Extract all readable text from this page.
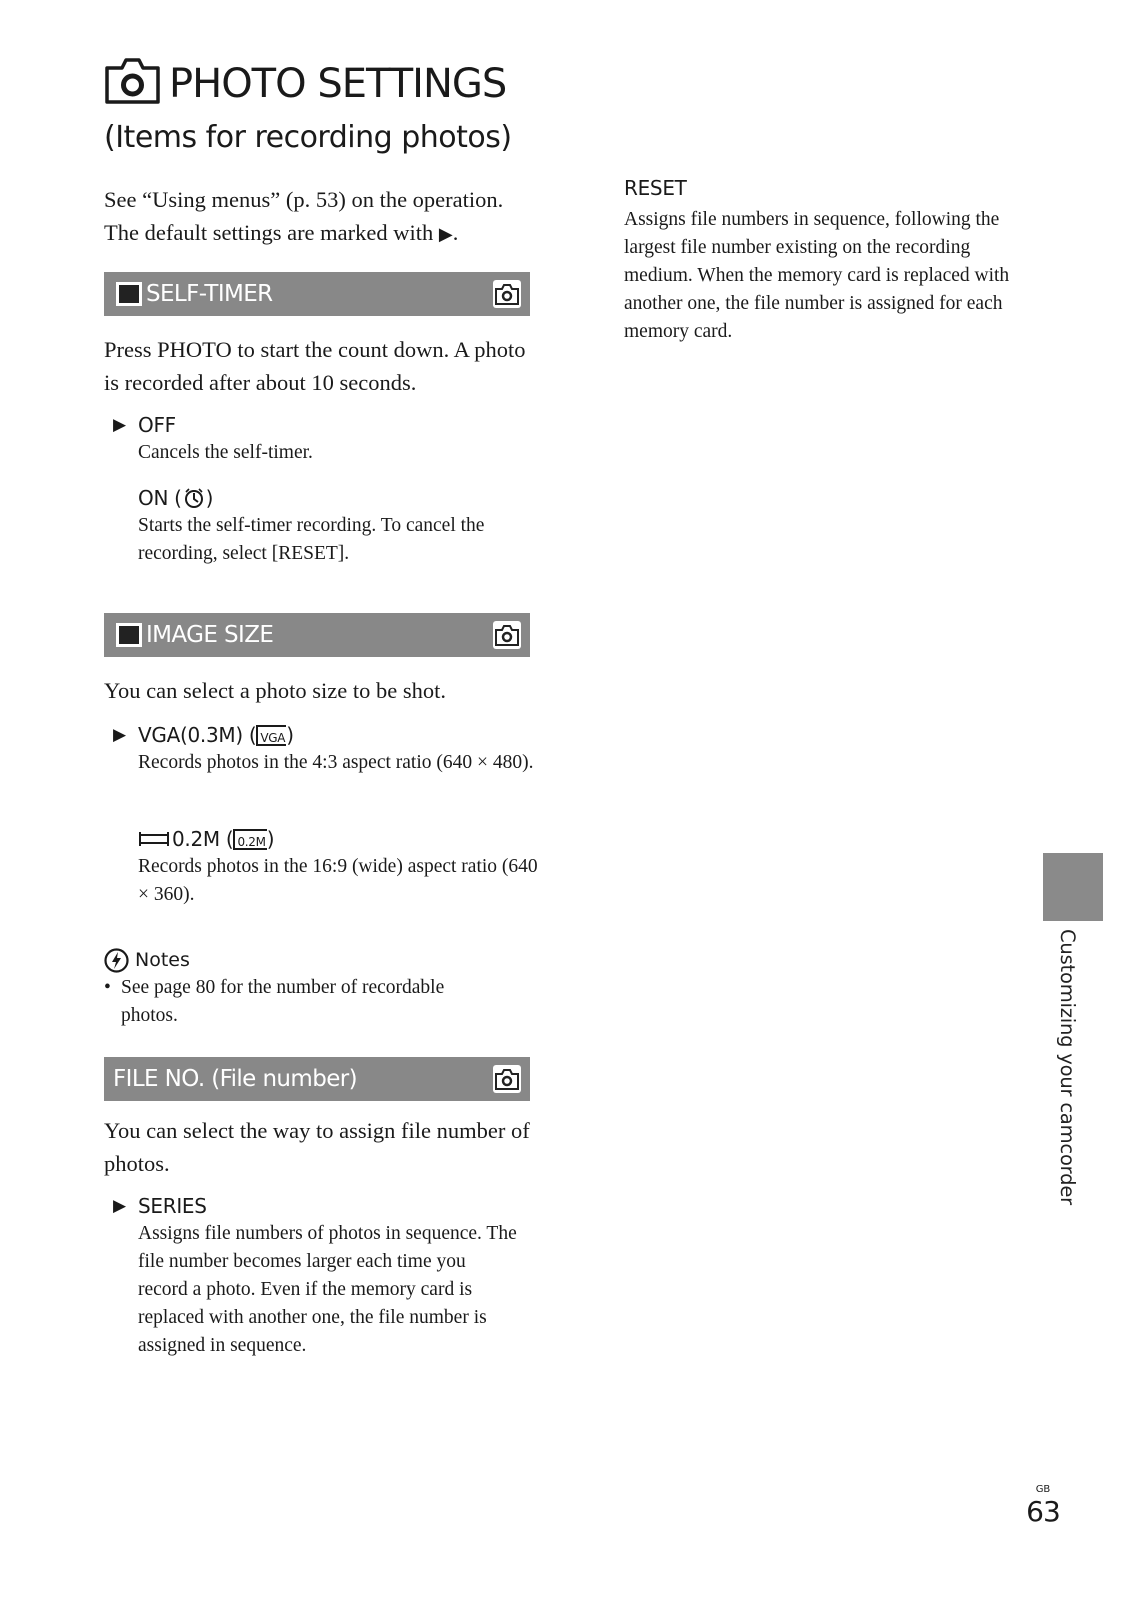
PHOTO SETTINGS
(Items for recording photos)
See “Using menus” (p. 53) on the operation.
The default settings are marked with ▶.
SELF-TIMER
Press PHOTO to start the count down. A photo is recorded after about 10 seconds.
▶ OFF
Cancels the self-timer.
ON ( )
Starts the self-timer recording. To cancel the recording, select [RESET].
IMAGE SIZE
You can select a photo size to be shot.
▶ VGA(0.3M) ( VGA )
Records photos in the 4:3 aspect ratio (640 × 480).
0.2M ( 0.2M )
Records photos in the 16:9 (wide) aspect ratio (640 × 360).
Notes
• See page 80 for the number of recordable photos.
FILE NO. (File number)
You can select the way to assign file number of photos.
▶ SERIES
Assigns file numbers of photos in sequence. The file number becomes larger each time you record a photo. Even if the memory card is replaced with another one, the file number is assigned in sequence.
RESET
Assigns file numbers in sequence, following the largest file number existing on the recording medium. When the memory card is replaced with another one, the file number is assigned for each memory card.
Customizing your camcorder
GB
63
